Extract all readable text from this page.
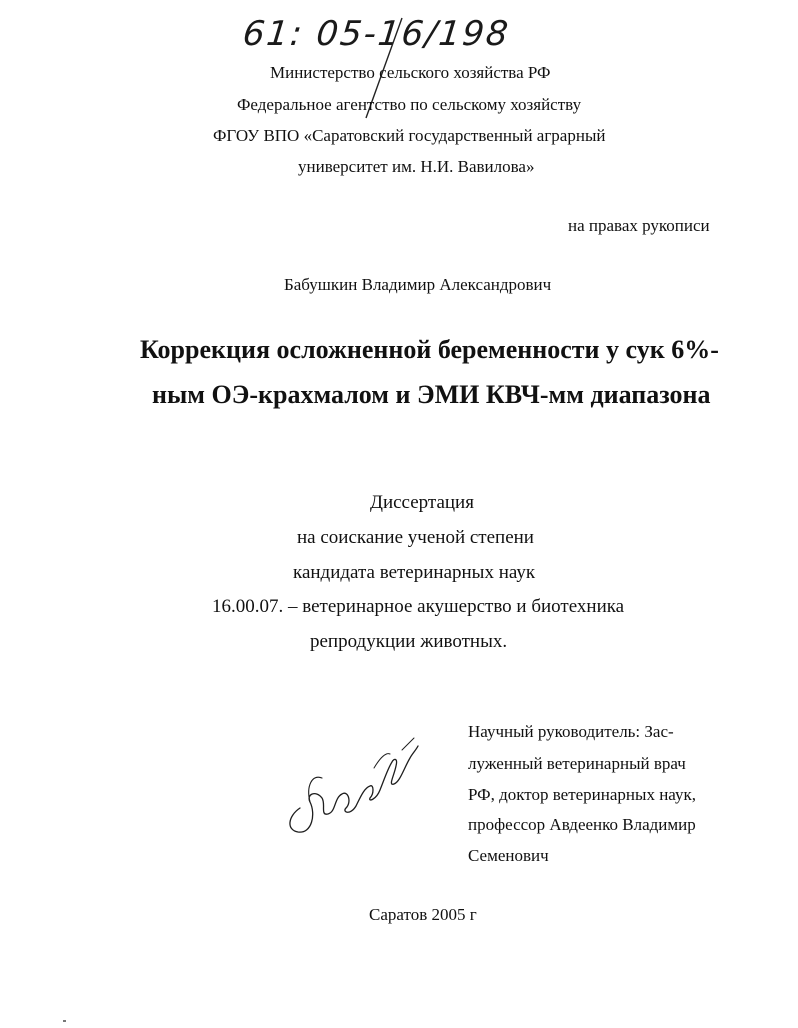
61: 05-16/198
Министерство сельского хозяйства РФ
Федеральное агентство по сельскому хозяйству
ФГОУ ВПО «Саратовский государственный аграрный
университет им. Н.И. Вавилова»
на правах рукописи
Бабушкин Владимир Александрович
Коррекция осложненной беременности у сук 6%-
ным ОЭ-крахмалом и ЭМИ КВЧ-мм диапазона
Диссертация
на соискание ученой степени
кандидата ветеринарных наук
16.00.07. – ветеринарное акушерство и биотехника
репродукции животных.
Научный руководитель: Зас-
луженный ветеринарный врач
РФ, доктор ветеринарных наук,
профессор Авдеенко Владимир
Семенович
Саратов 2005 г
